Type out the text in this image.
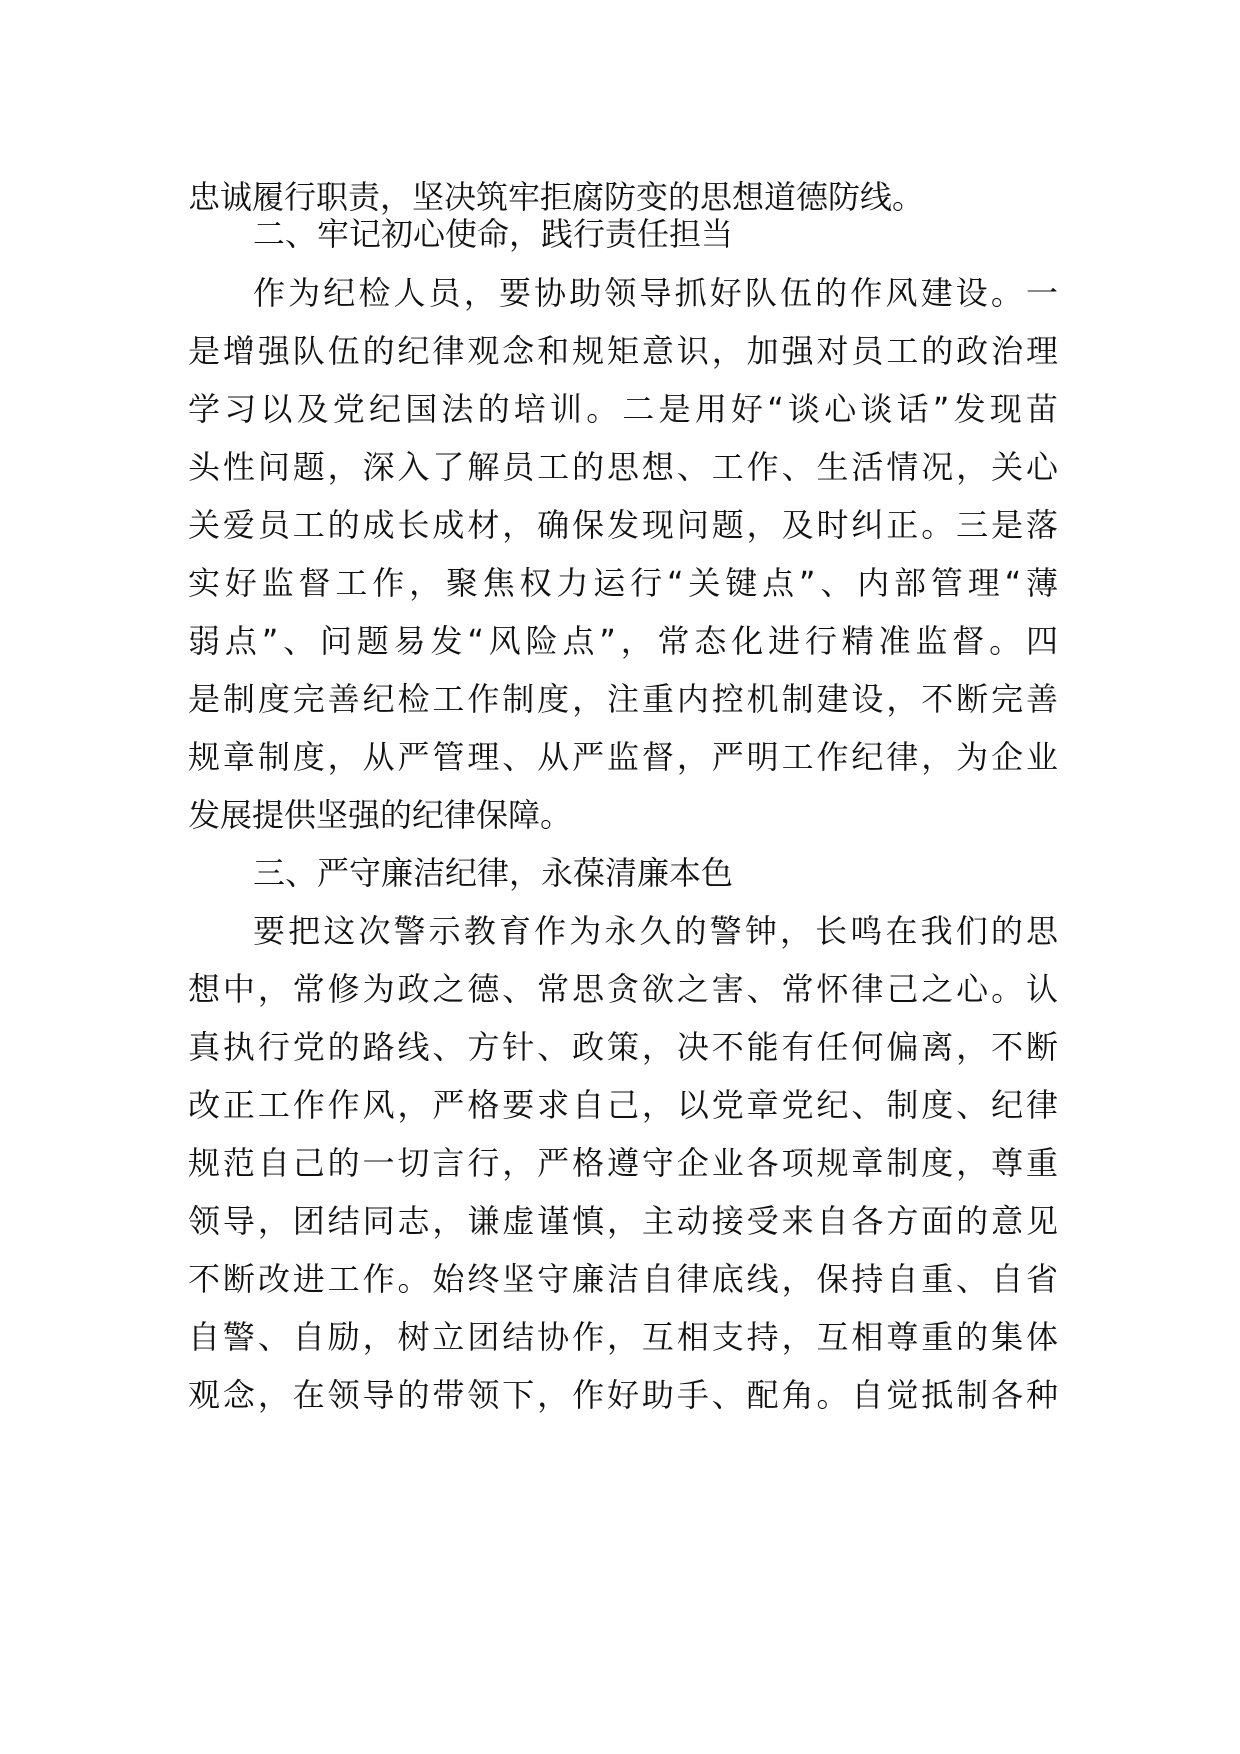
忠诚履行职责，坚决筑牢拒腐防变的思想道德防线。
二、牢记初心使命，践行责任担当
作为纪检人员，要协助领导抓好队伍的作风建设。一
是增强队伍的纪律观念和规矩意识，加强对员工的政治理
学习以及党纪国法的培训。二是用好“谈心谈话”发现苗
头性问题，深入了解员工的思想、工作、生活情况，关心
关爱员工的成长成材，确保发现问题，及时纠正。三是落
实好监督工作，聚焦权力运行“关键点”、内部管理“薄
弱点”、问题易发“风险点”，常态化进行精准监督。四
是制度完善纪检工作制度，注重内控机制建设，不断完善
规章制度，从严管理、从严监督，严明工作纪律，为企业
发展提供坚强的纪律保障。
三、严守廉洁纪律，永葆清廉本色
要把这次警示教育作为永久的警钟，长鸣在我们的思
想中，常修为政之德、常思贪欲之害、常怀律己之心。认
真执行党的路线、方针、政策，决不能有任何偏离，不断
改正工作作风，严格要求自己，以党章党纪、制度、纪律
规范自己的一切言行，严格遵守企业各项规章制度，尊重
领导，团结同志，谦虚谨慎，主动接受来自各方面的意见
不断改进工作。始终坚守廉洁自律底线，保持自重、自省
自警、自励，树立团结协作，互相支持，互相尊重的集体
观念，在领导的带领下，作好助手、配角。自觉抵制各种
